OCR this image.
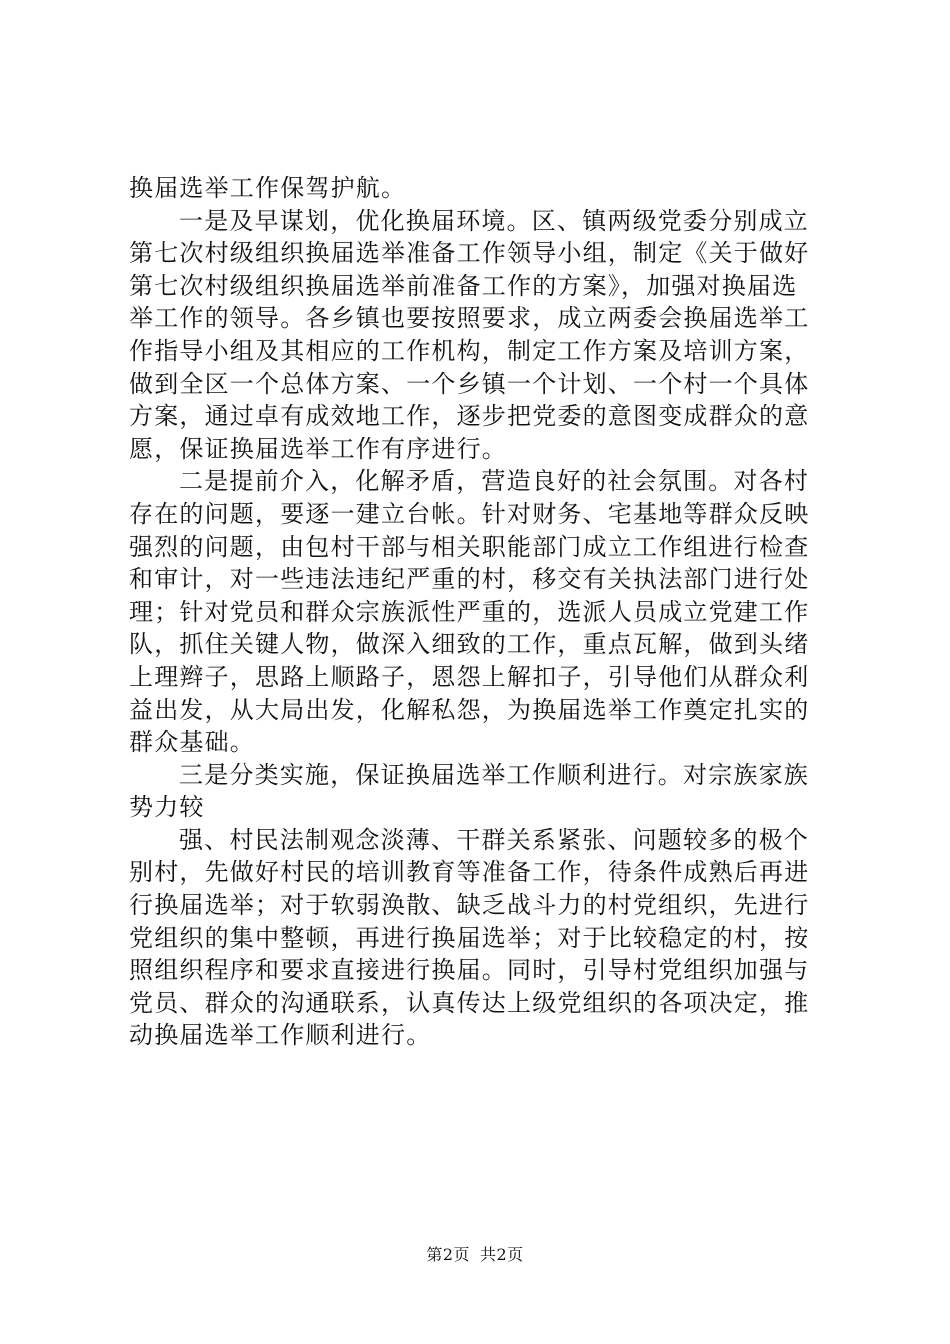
换届选举工作保驾护航。
一是及早谋划，优化换届环境。区、镇两级党委分别成立
第七次村级组织换届选举准备工作领导小组，制定《关于做好
第七次村级组织换届选举前准备工作的方案》，加强对换届选
举工作的领导。各乡镇也要按照要求，成立两委会换届选举工
作指导小组及其相应的工作机构，制定工作方案及培训方案，
做到全区一个总体方案、一个乡镇一个计划、一个村一个具体
方案，通过卓有成效地工作，逐步把党委的意图变成群众的意
愿，保证换届选举工作有序进行。
二是提前介入，化解矛盾，营造良好的社会氛围。对各村
存在的问题，要逐一建立台帐。针对财务、宅基地等群众反映
强烈的问题，由包村干部与相关职能部门成立工作组进行检查
和审计，对一些违法违纪严重的村，移交有关执法部门进行处
理；针对党员和群众宗族派性严重的，选派人员成立党建工作
队，抓住关键人物，做深入细致的工作，重点瓦解，做到头绪
上理辫子，思路上顺路子，恩怨上解扣子，引导他们从群众利
益出发，从大局出发，化解私怨，为换届选举工作奠定扎实的
群众基础。
三是分类实施，保证换届选举工作顺利进行。对宗族家族
势力较
强、村民法制观念淡薄、干群关系紧张、问题较多的极个
别村，先做好村民的培训教育等准备工作，待条件成熟后再进
行换届选举；对于软弱涣散、缺乏战斗力的村党组织，先进行
党组织的集中整顿，再进行换届选举；对于比较稳定的村，按
照组织程序和要求直接进行换届。同时，引导村党组织加强与
党员、群众的沟通联系，认真传达上级党组织的各项决定，推
动换届选举工作顺利进行。
第2页 共2页
